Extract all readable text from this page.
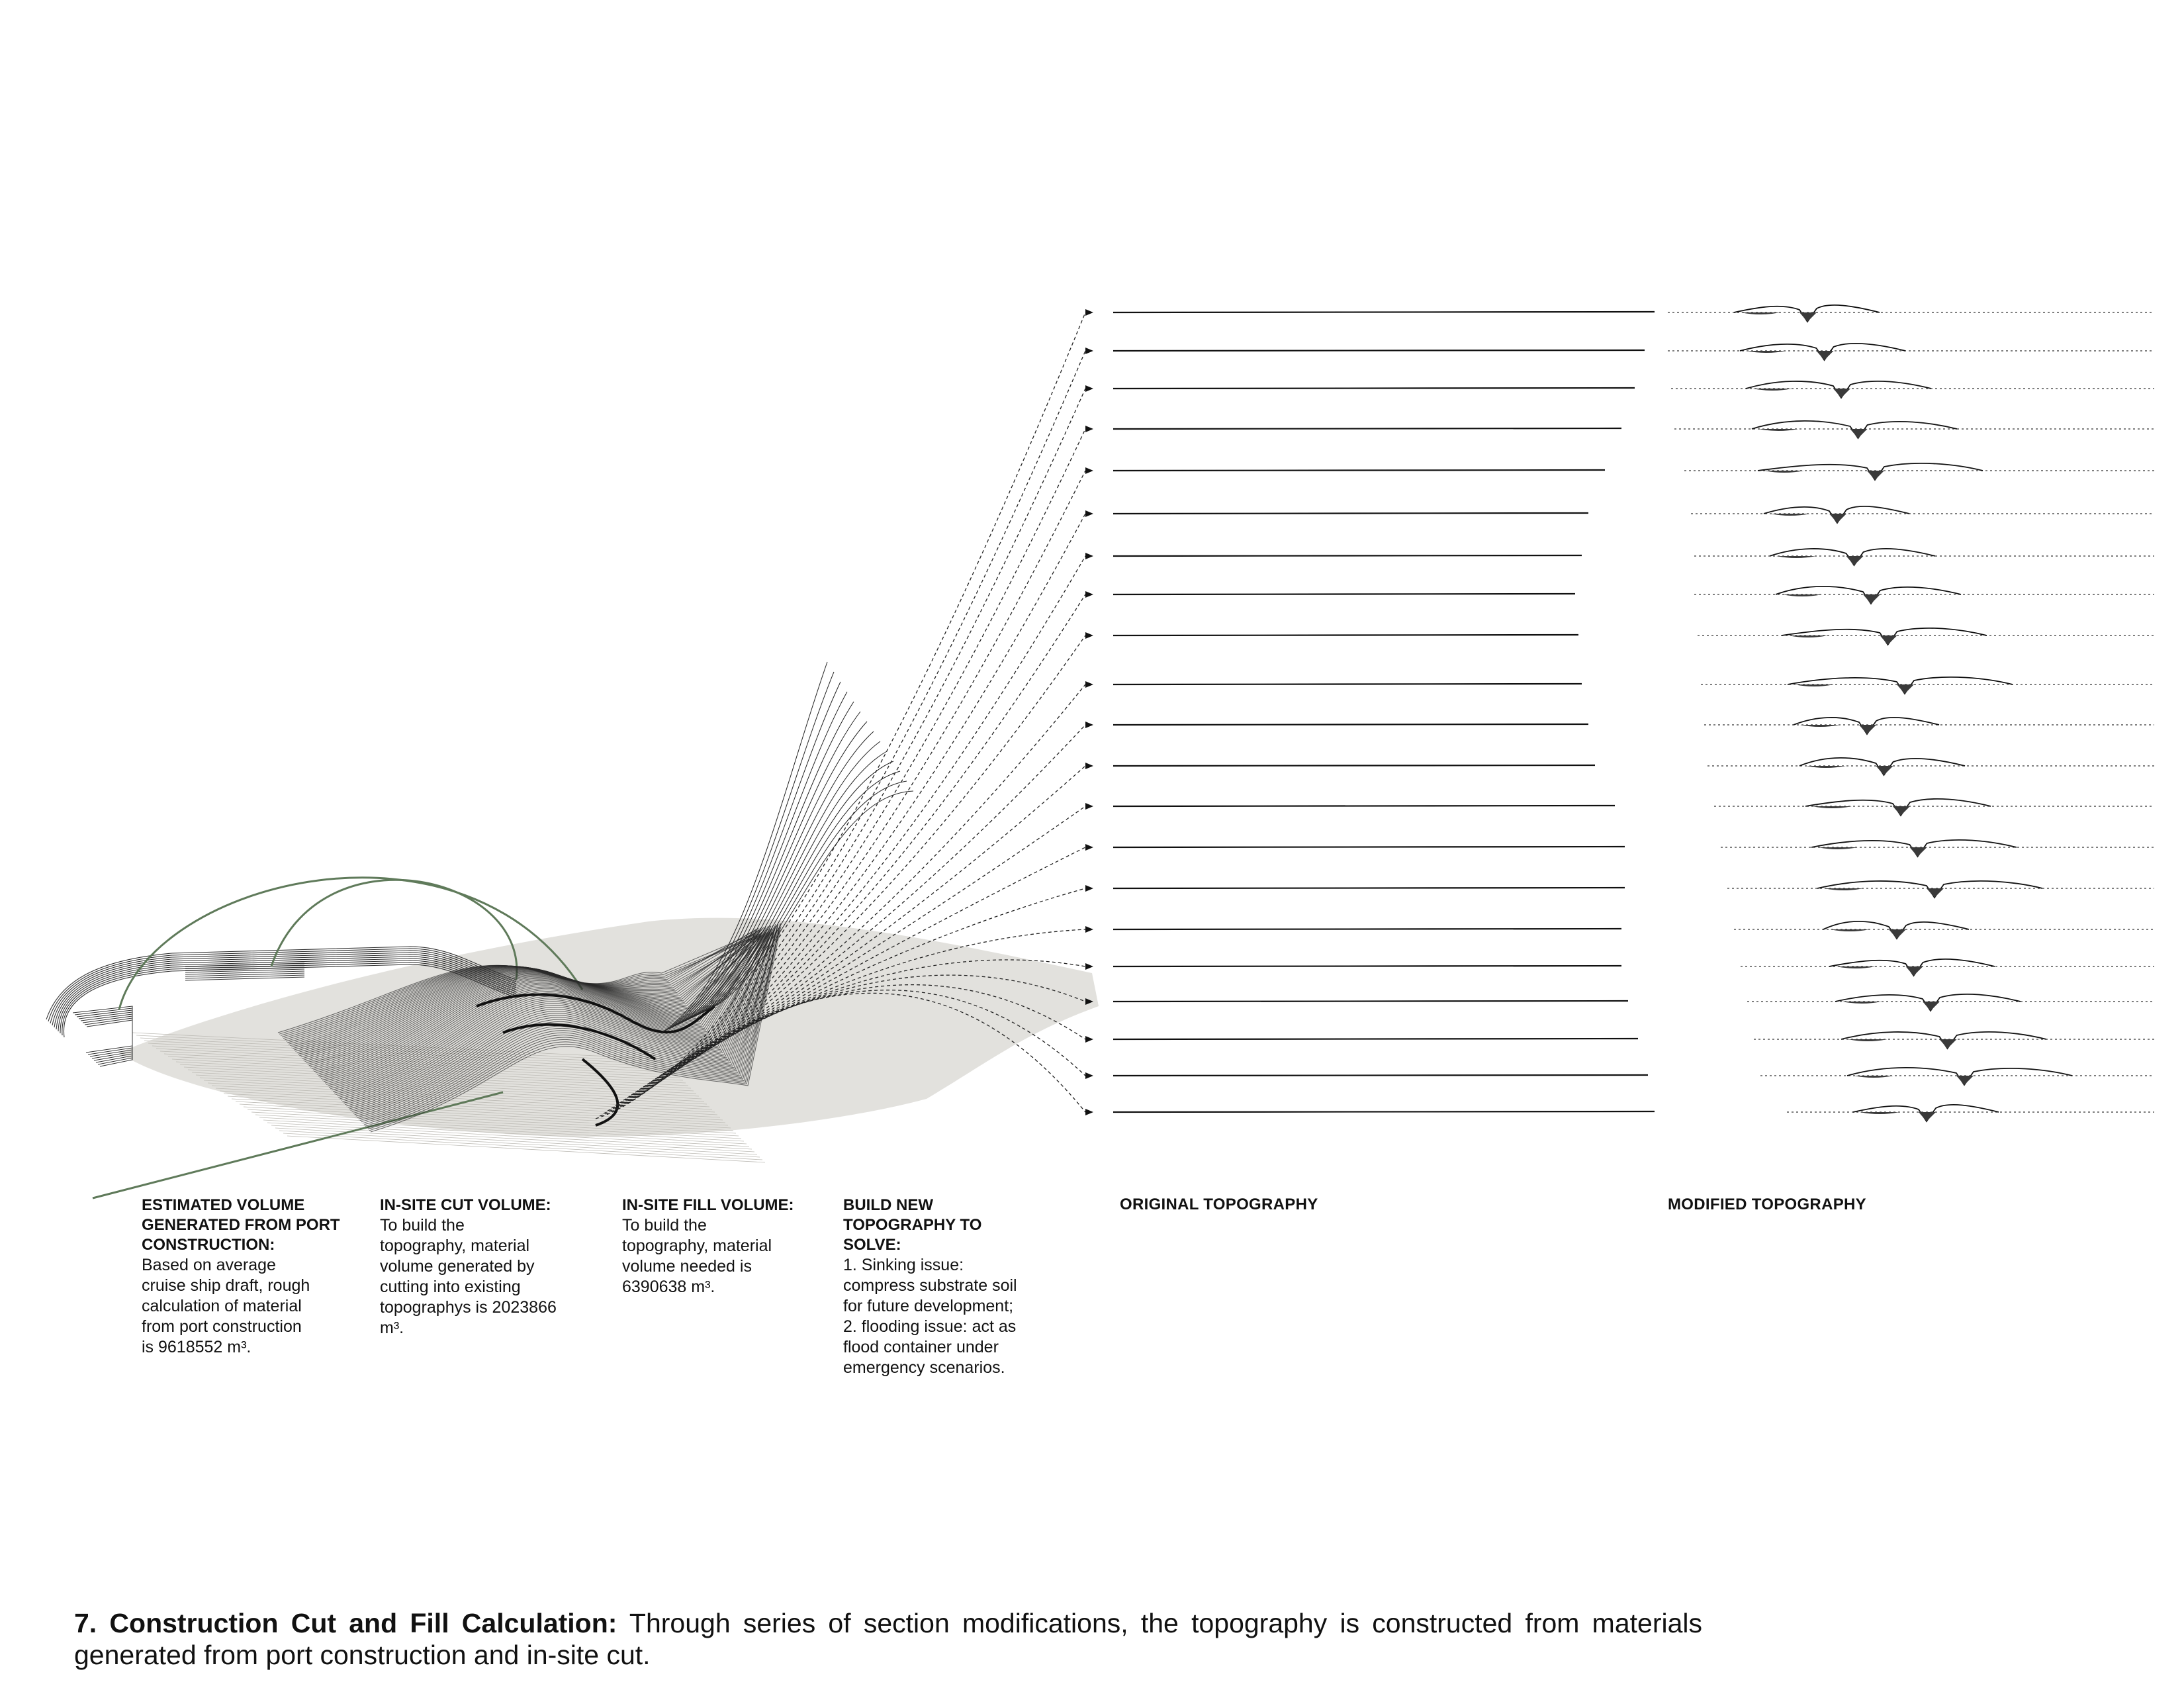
ESTIMATED VOLUME GENERATED FROM PORT CONSTRUCTION:
Based on average
cruise ship draft, rough
calculation of material
from port construction
is 9618552 m³.
IN-SITE CUT VOLUME:
To build the
topography, material
volume generated by
cutting into existing
topographys is 2023866
m³.
IN-SITE FILL VOLUME:
To build the
topography, material
volume needed is
6390638 m³.
BUILD NEW TOPOGRAPHY TO SOLVE:
1. Sinking issue:
compress substrate soil
for future development;
2. flooding issue: act as
flood container under
emergency scenarios.
ORIGINAL TOPOGRAPHY	MODIFIED TOPOGRAPHY
7. Construction Cut and Fill Calculation: Through series of section modifications, the topography is constructed from materials generated from port construction and in-site cut.
